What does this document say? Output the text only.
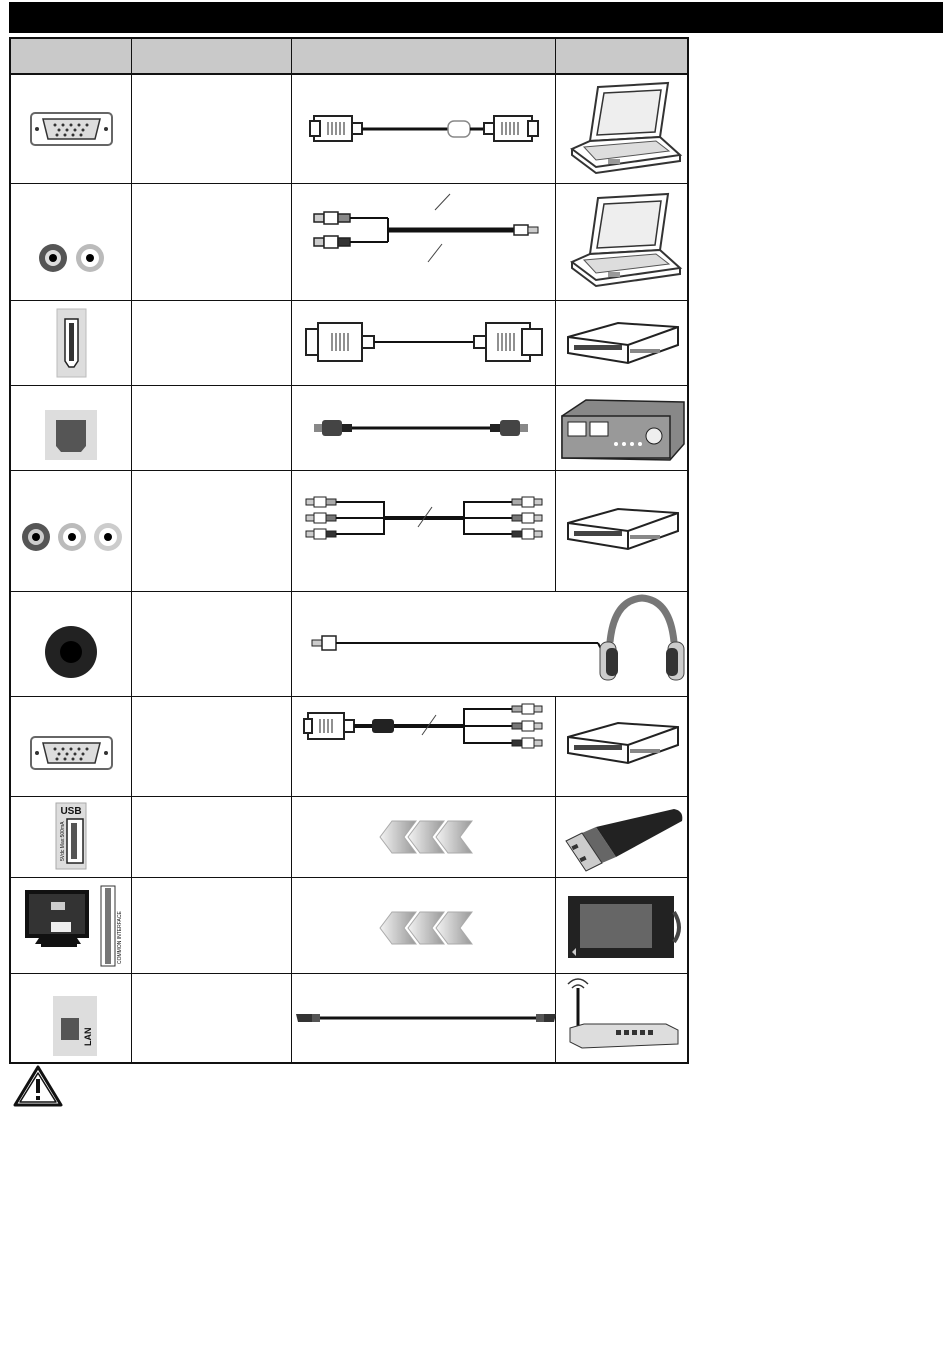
USB
5Vdc Max:500mA
COMMON INTERFACE
LAN
